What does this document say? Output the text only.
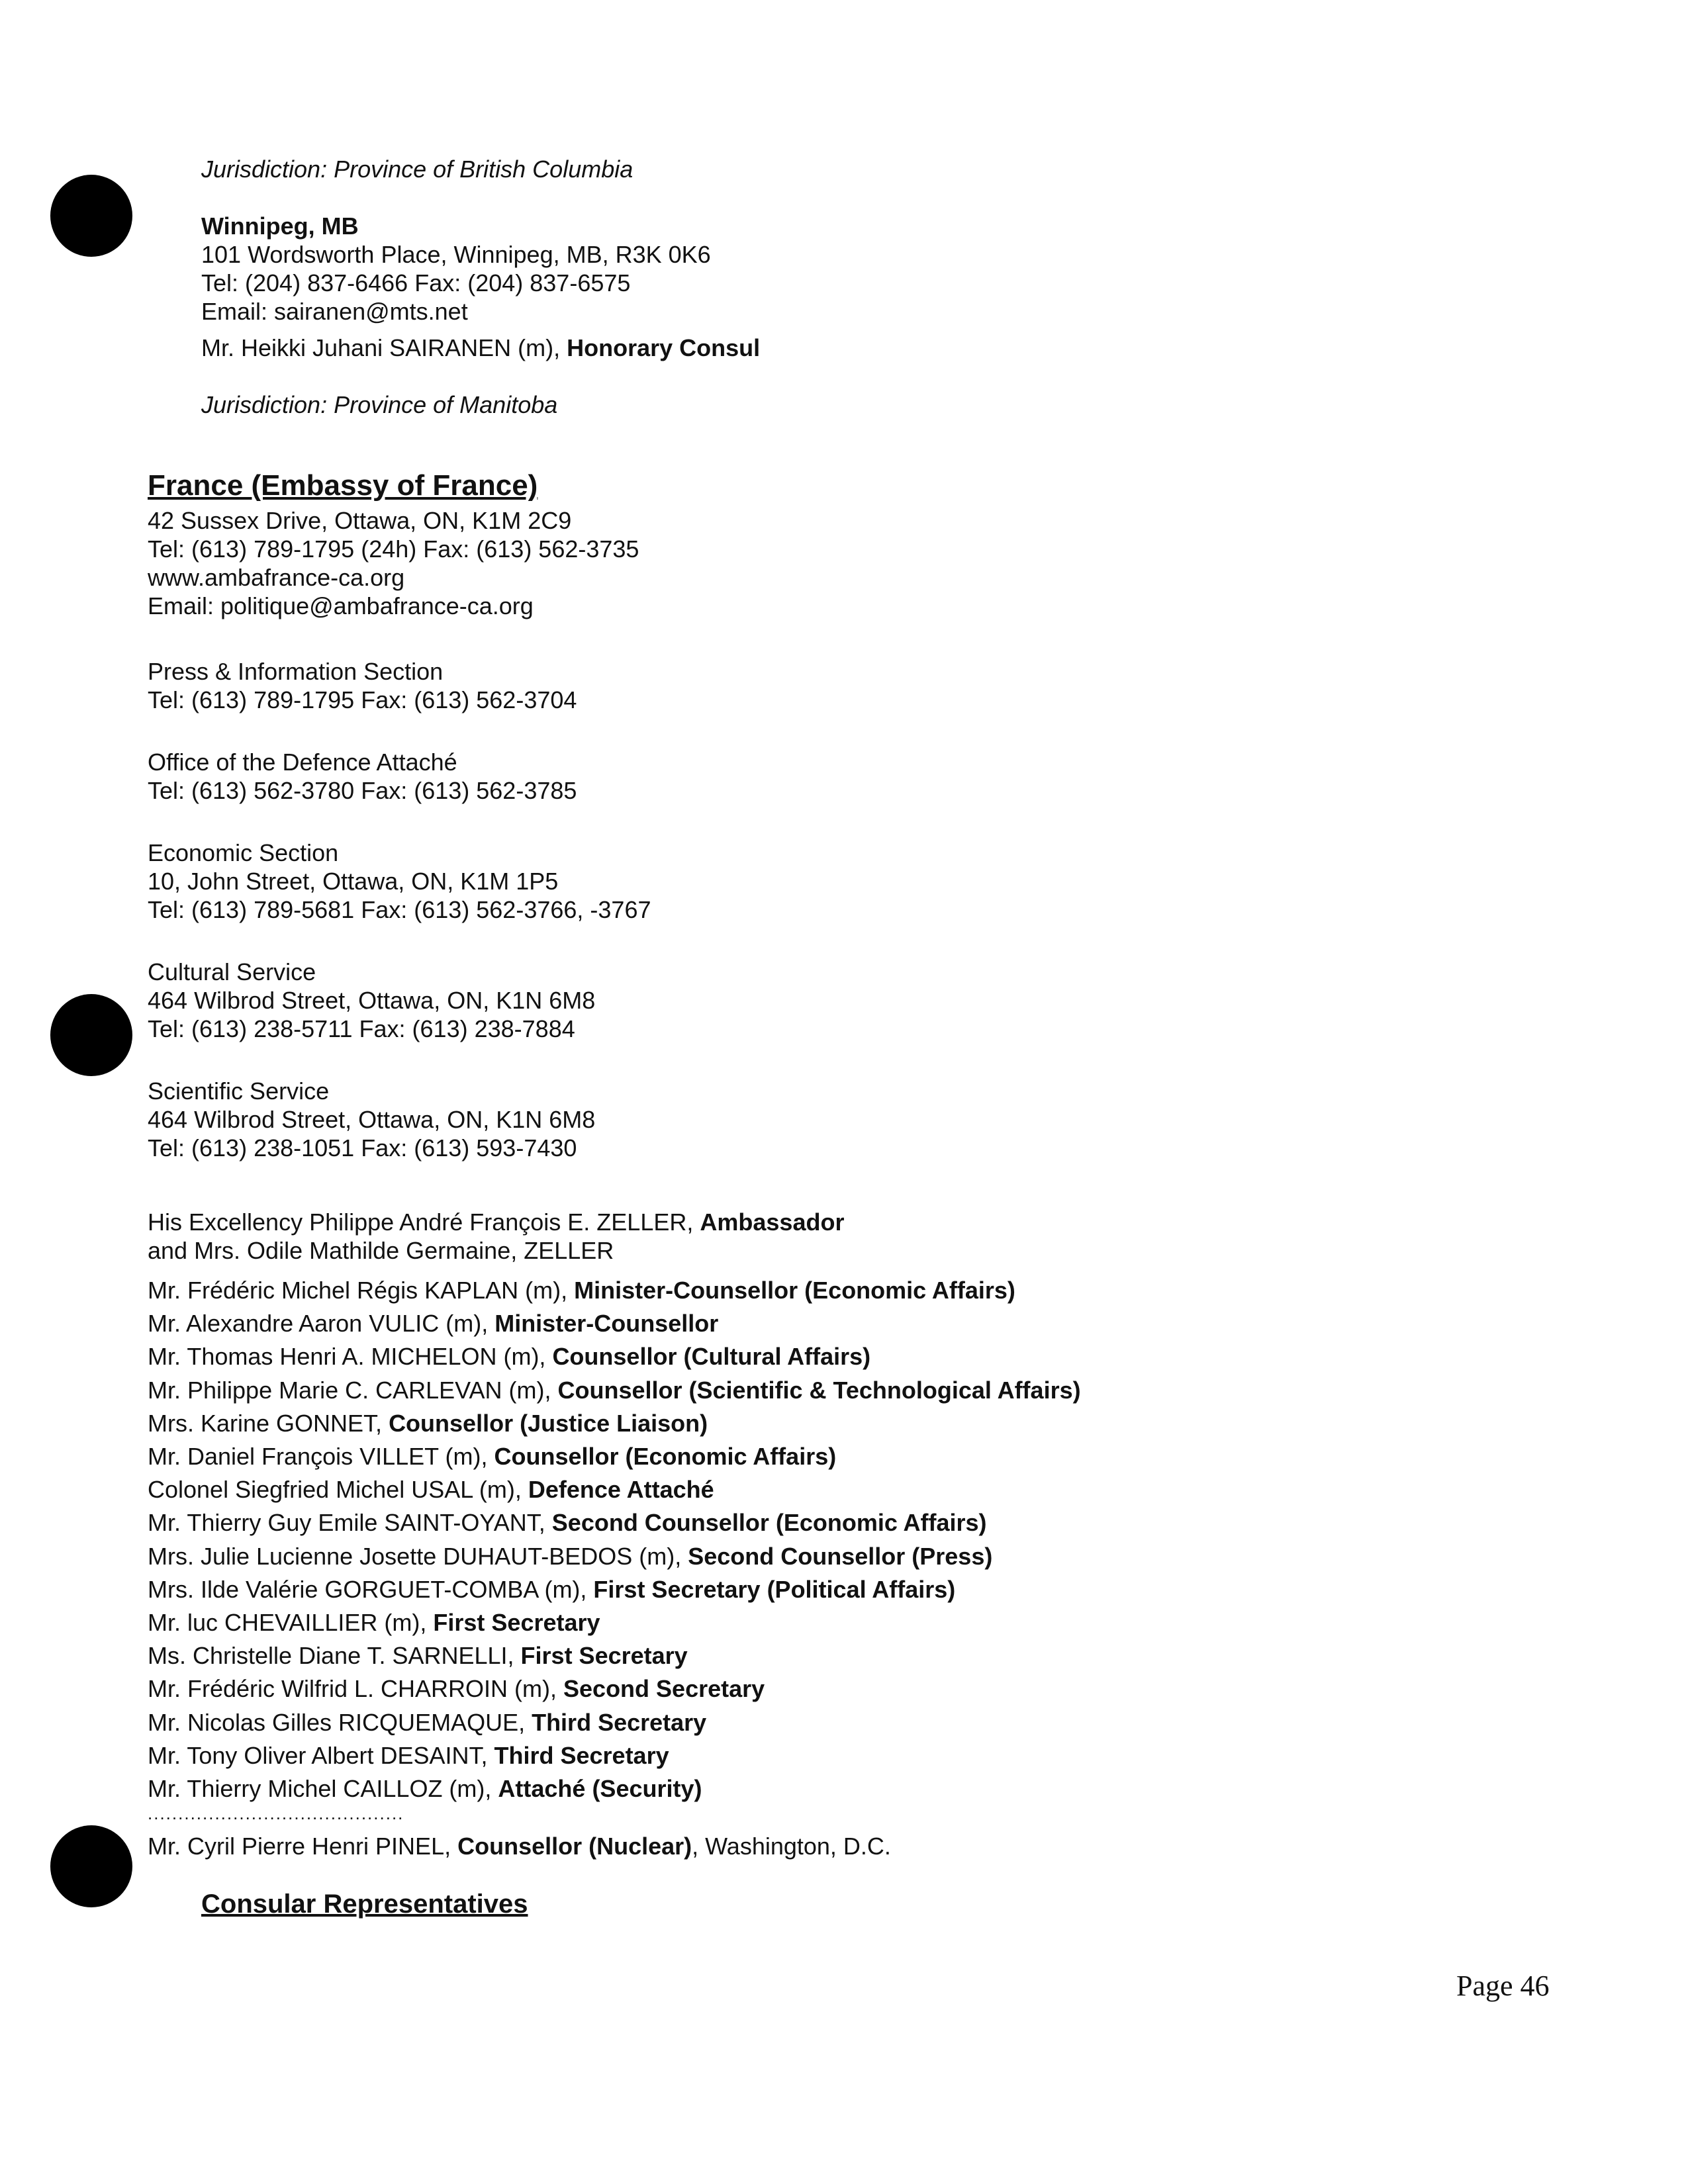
Jurisdiction: Province of British Columbia
Winnipeg, MB
101 Wordsworth Place, Winnipeg, MB, R3K 0K6
Tel: (204) 837-6466 Fax: (204) 837-6575
Email: sairanen@mts.net
Mr. Heikki Juhani SAIRANEN (m), Honorary Consul
Jurisdiction: Province of Manitoba
France (Embassy of France)
42 Sussex Drive, Ottawa, ON, K1M 2C9
Tel: (613) 789-1795 (24h) Fax: (613) 562-3735
www.ambafrance-ca.org
Email: politique@ambafrance-ca.org
Press & Information Section
Tel: (613) 789-1795 Fax: (613) 562-3704
Office of the Defence Attaché
Tel: (613) 562-3780 Fax: (613) 562-3785
Economic Section
10, John Street, Ottawa, ON, K1M 1P5
Tel: (613) 789-5681 Fax: (613) 562-3766, -3767
Cultural Service
464 Wilbrod Street, Ottawa, ON, K1N 6M8
Tel: (613) 238-5711 Fax: (613) 238-7884
Scientific Service
464 Wilbrod Street, Ottawa, ON, K1N 6M8
Tel: (613) 238-1051 Fax: (613) 593-7430
His Excellency Philippe André François E. ZELLER, Ambassador
and Mrs. Odile Mathilde Germaine, ZELLER
Mr. Frédéric Michel Régis KAPLAN (m), Minister-Counsellor (Economic Affairs)
Mr. Alexandre Aaron VULIC (m), Minister-Counsellor
Mr. Thomas Henri A. MICHELON (m), Counsellor (Cultural Affairs)
Mr. Philippe Marie C. CARLEVAN (m), Counsellor (Scientific & Technological Affairs)
Mrs. Karine GONNET, Counsellor (Justice Liaison)
Mr. Daniel François VILLET (m), Counsellor (Economic Affairs)
Colonel Siegfried Michel USAL (m), Defence Attaché
Mr. Thierry Guy Emile SAINT-OYANT, Second Counsellor (Economic Affairs)
Mrs. Julie Lucienne Josette DUHAUT-BEDOS (m), Second Counsellor (Press)
Mrs. Ilde Valérie GORGUET-COMBA (m), First Secretary (Political Affairs)
Mr. luc CHEVAILLIER (m), First Secretary
Ms. Christelle Diane T. SARNELLI, First Secretary
Mr. Frédéric Wilfrid L. CHARROIN (m), Second Secretary
Mr. Nicolas Gilles RICQUEMAQUE, Third Secretary
Mr. Tony Oliver Albert DESAINT, Third Secretary
Mr. Thierry Michel CAILLOZ (m), Attaché (Security)
..........................................
Mr. Cyril Pierre Henri PINEL, Counsellor (Nuclear), Washington, D.C.
Consular Representatives
Page 46
